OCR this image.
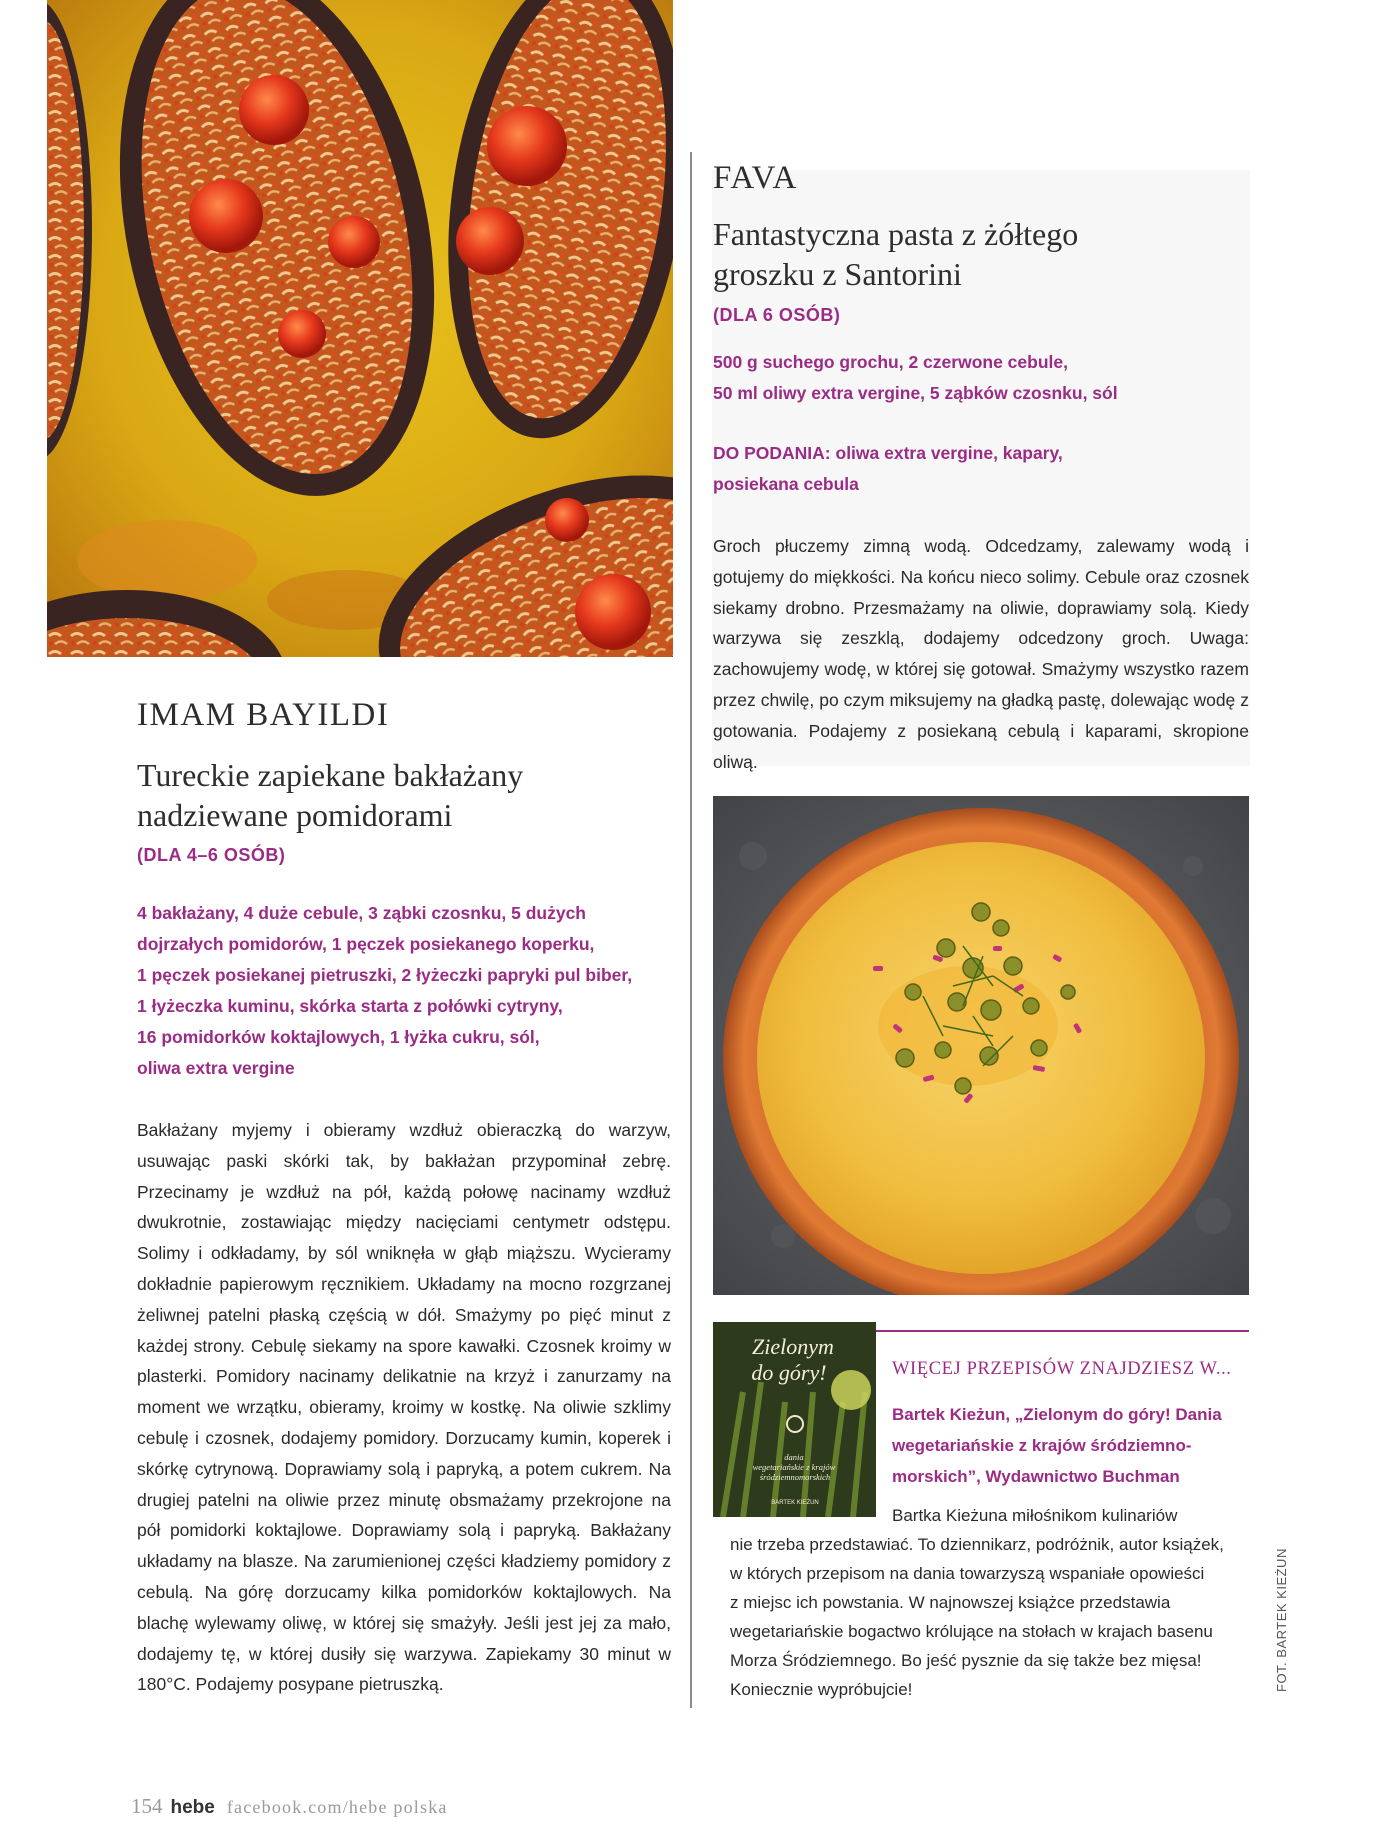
IMAM BAYILDI
Tureckie zapiekane bakłażany
nadziewane pomidorami
(DLA 4–6 OSÓB)
4 bakłażany, 4 duże cebule, 3 ząbki czosnku, 5 dużych
dojrzałych pomidorów, 1 pęczek posiekanego koperku,
1 pęczek posiekanej pietruszki, 2 łyżeczki papryki pul biber,
1 łyżeczka kuminu, skórka starta z połówki cytryny,
16 pomidorków koktajlowych, 1 łyżka cukru, sól,
oliwa extra vergine
Bakłażany myjemy i obieramy wzdłuż obieraczką do warzyw, usuwając paski skórki tak, by bakłażan przypominał zebrę. Przecinamy je wzdłuż na pół, każdą połowę nacinamy wzdłuż dwukrotnie, zostawiając między nacięciami centymetr odstępu. Solimy i odkładamy, by sól wniknęła w głąb miąższu. Wycieramy dokładnie papierowym ręcznikiem. Układamy na mocno rozgrzanej żeliwnej patelni płaską częścią w dół. Smażymy po pięć minut z każdej strony. Cebulę siekamy na spore kawałki. Czosnek kroimy w plasterki. Pomidory nacinamy delikatnie na krzyż i zanurzamy na moment we wrzątku, obieramy, kroimy w kostkę. Na oliwie szklimy cebulę i czosnek, dodajemy pomidory. Dorzucamy kumin, koperek i skórkę cytrynową. Doprawiamy solą i papryką, a potem cukrem. Na drugiej patelni na oliwie przez minutę obsmażamy przekrojone na pół pomidorki koktajlowe. Doprawiamy solą i papryką. Bakłażany układamy na blasze. Na zarumienionej części kładziemy pomidory z cebulą. Na górę dorzucamy kilka pomidorków koktajlowych. Na blachę wylewamy oliwę, w której się smażyły. Jeśli jest jej za mało, dodajemy tę, w której dusiły się warzywa. Zapiekamy 30 minut w 180°C. Podajemy posypane pietruszką.
FAVA
Fantastyczna pasta z żółtego
groszku z Santorini
(DLA 6 OSÓB)
500 g suchego grochu, 2 czerwone cebule,
50 ml oliwy extra vergine, 5 ząbków czosnku, sól
DO PODANIA: oliwa extra vergine, kapary,
posiekana cebula
Groch płuczemy zimną wodą. Odcedzamy, zalewamy wodą i gotujemy do miękkości. Na końcu nieco solimy. Cebule oraz czosnek siekamy drobno. Przesmażamy na oliwie, doprawiamy solą. Kiedy warzywa się zeszklą, dodajemy odcedzony groch. Uwaga: zachowujemy wodę, w której się gotował. Smażymy wszystko razem przez chwilę, po czym miksujemy na gładką pastę, dolewając wodę z gotowania. Podajemy z posiekaną cebulą i kaparami, skropione oliwą.
Zielonym
do góry!
dania wegetariańskie z krajów śródziemnomorskich
BARTEK KIEŻUN
WIĘCEJ PRZEPISÓW ZNAJDZIESZ W...
Bartek Kieżun, „Zielonym do góry! Dania
wegetariańskie z krajów śródziemno-
morskich”, Wydawnictwo Buchman
Bartka Kieżuna miłośnikom kulinariów
nie trzeba przedstawiać. To dziennikarz, podróżnik, autor książek,
w których przepisom na dania towarzyszą wspaniałe opowieści
z miejsc ich powstania. W najnowszej książce przedstawia
wegetariańskie bogactwo królujące na stołach w krajach basenu
Morza Śródziemnego. Bo jeść pysznie da się także bez mięsa!
Koniecznie wypróbujcie!	FOT. BARTEK KIEŻUN
154 hebe facebook.com/hebe polska
